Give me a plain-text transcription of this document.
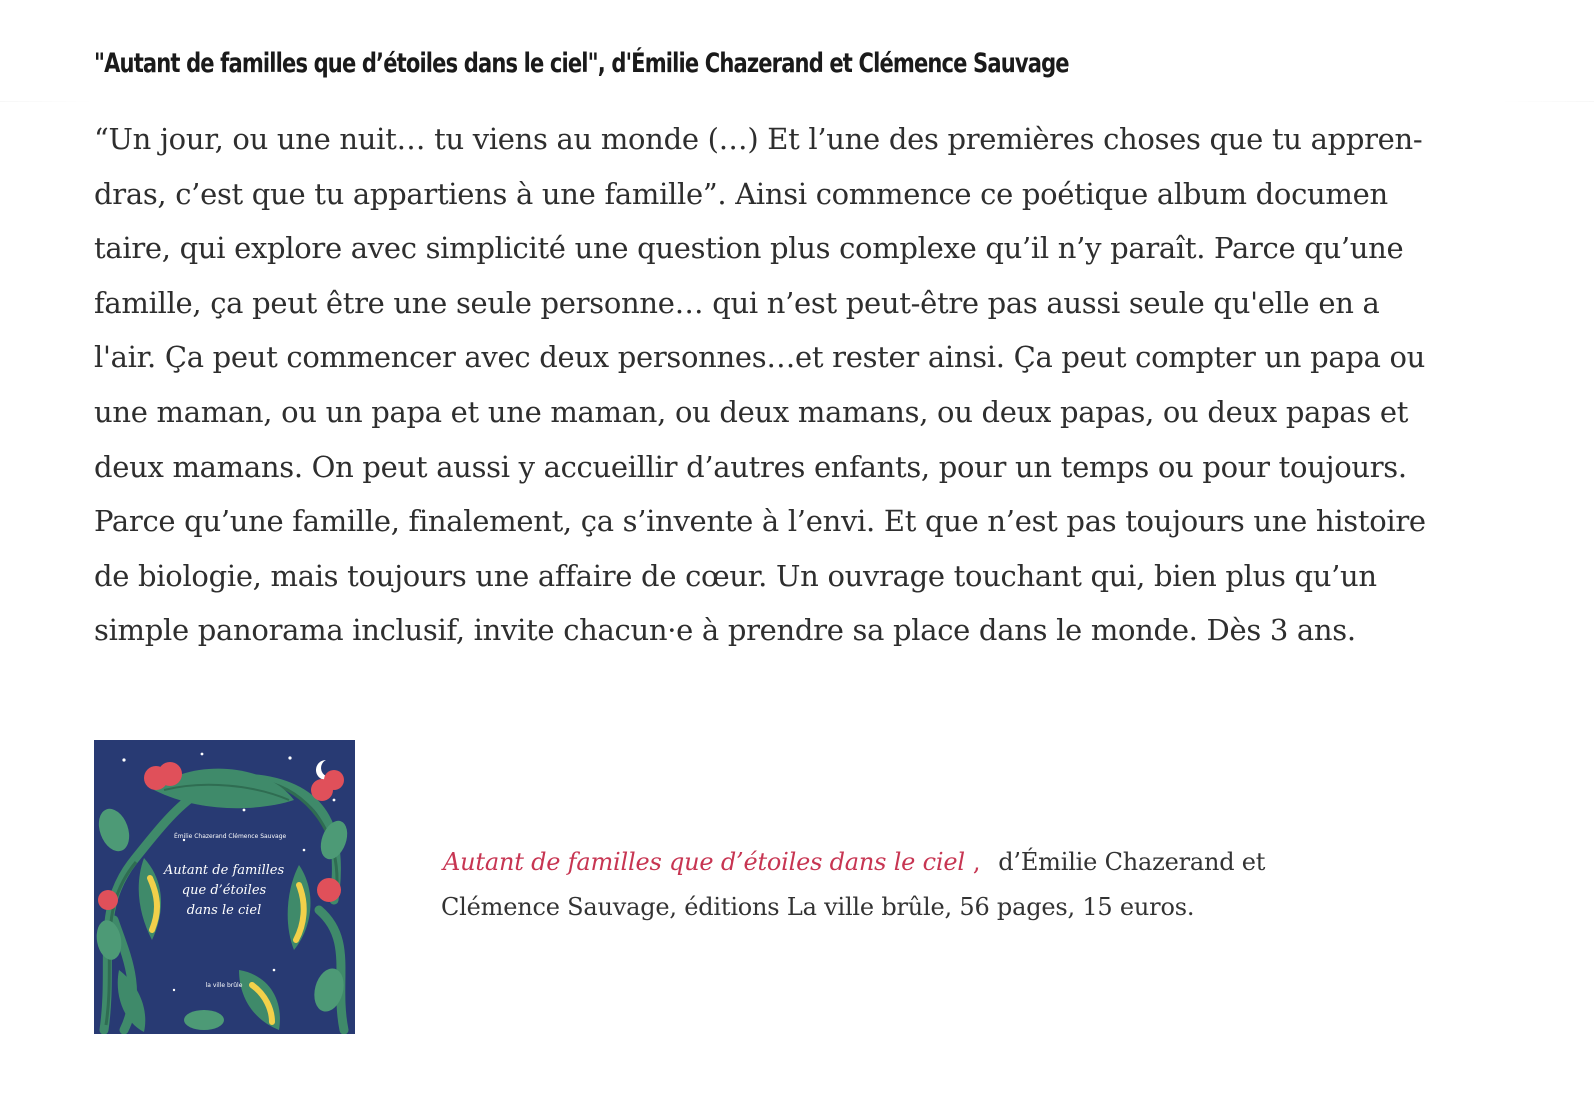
"Autant de familles que d’étoiles dans le ciel", d'Émilie Chazerand et Clémence Sauvage

“Un jour, ou une nuit… tu viens au monde (…) Et l’une des premières choses que tu appren-
dras, c’est que tu appartiens à une famille”. Ainsi commence ce poétique album documen
taire, qui explore avec simplicité une question plus complexe qu’il n’y paraît. Parce qu’une
famille, ça peut être une seule personne… qui n’est peut-être pas aussi seule qu'elle en a
l'air. Ça peut commencer avec deux personnes…et rester ainsi. Ça peut compter un papa ou
une maman, ou un papa et une maman, ou deux mamans, ou deux papas, ou deux papas et
deux mamans. On peut aussi y accueillir d’autres enfants, pour un temps ou pour toujours.
Parce qu’une famille, finalement, ça s’invente à l’envi. Et que n’est pas toujours une histoire
de biologie, mais toujours une affaire de cœur. Un ouvrage touchant qui, bien plus qu’un
simple panorama inclusif, invite chacun·e à prendre sa place dans le monde. Dès 3 ans.

Émilie Chazerand Clémence Sauvage
Autant de familles
que d’étoiles
dans le ciel
la ville brûle
Autant de familles que d’étoiles dans le ciel , d’Émilie Chazerand et
Clémence Sauvage, éditions La ville brûle, 56 pages, 15 euros.
